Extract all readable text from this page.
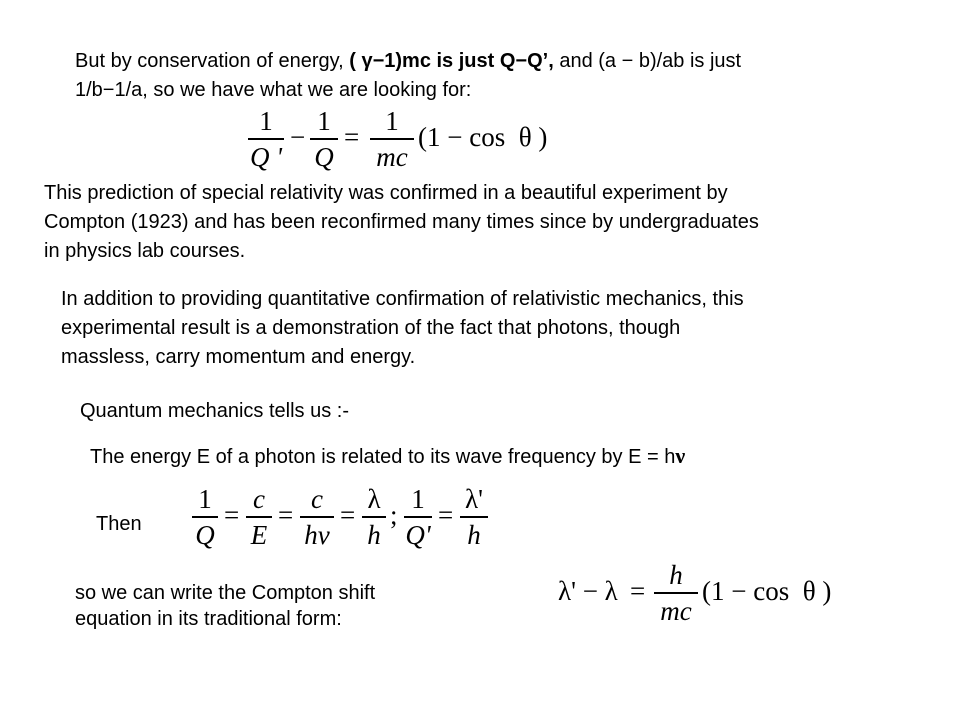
But by conservation of energy, ( γ−1)mc is just Q−Q’, and (a − b)/ab is just
1/b−1/a, so we have what we are looking for:
1
Q '
−
1
Q
=
1
mc
(1 − cos  θ )
This prediction of special relativity was confirmed in a beautiful experiment by
Compton (1923) and has been reconfirmed many times since by undergraduates
in physics lab courses.
In addition to providing quantitative confirmation of relativistic mechanics, this
experimental result is a demonstration of the fact that photons, though
massless, carry momentum and energy.
Quantum mechanics tells us :-
The energy E of a photon is related to its wave frequency by E = hν
Then
1
Q
=
c
E
=
c
hv
=
λ
h
;
1
Q'
=
λ'
h
so we can write the Compton shift
equation in its traditional form:
λ' − λ =
h
mc
(1 − cos  θ )
